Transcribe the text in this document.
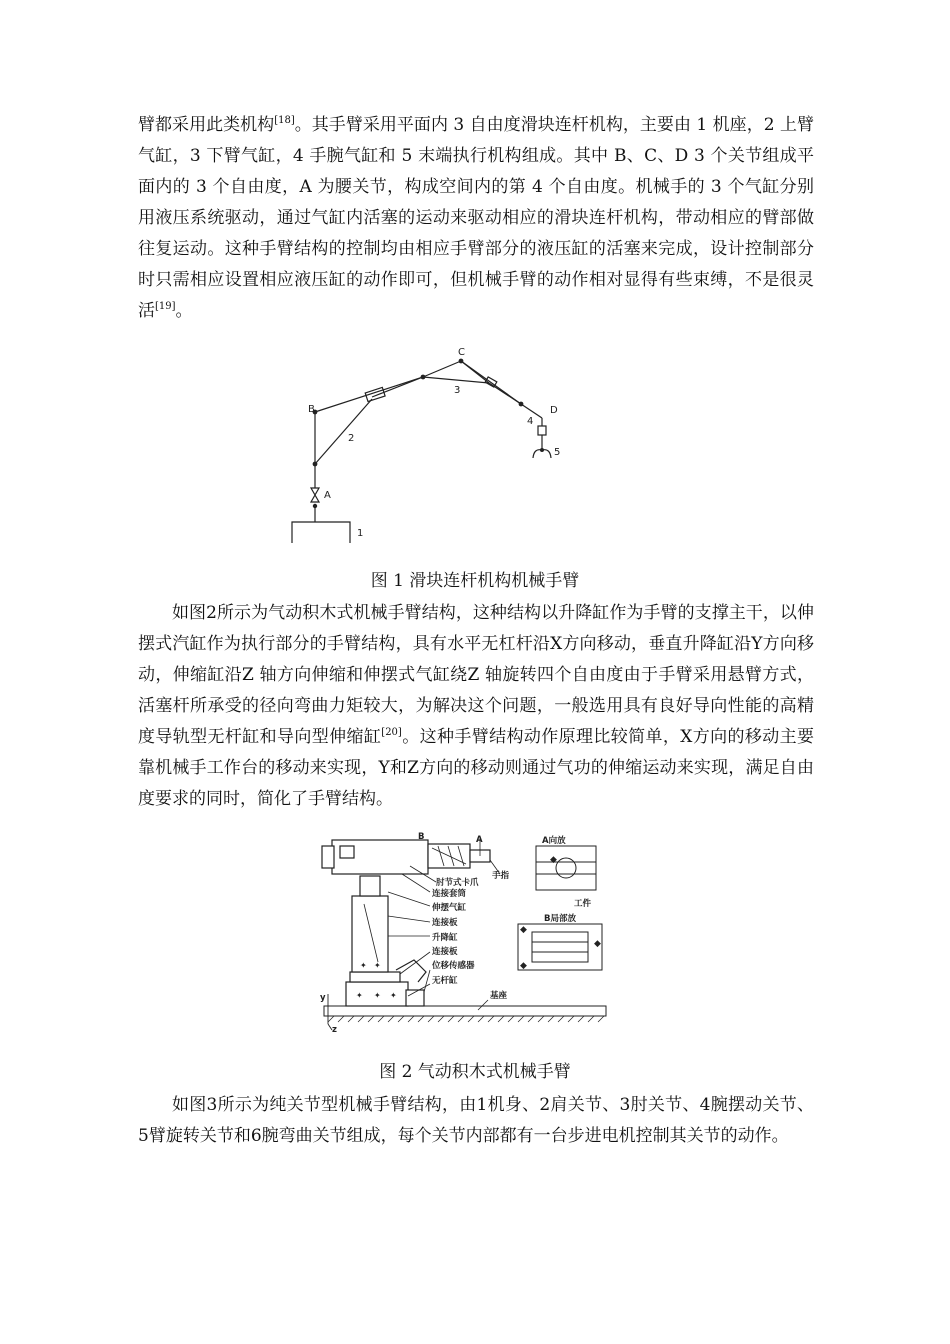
臂都采用此类机构[18]。其手臂采用平面内 3 自由度滑块连杆机构，主要由 1 机座，2 上臂气缸，3 下臂气缸，4 手腕气缸和 5 末端执行机构组成。其中 B、C、D 3 个关节组成平面内的 3 个自由度，A 为腰关节，构成空间内的第 4 个自由度。机械手的 3 个气缸分别用液压系统驱动，通过气缸内活塞的运动来驱动相应的滑块连杆机构，带动相应的臂部做往复运动。这种手臂结构的控制均由相应手臂部分的液压缸的活塞来完成，设计控制部分时只需相应设置相应液压缸的动作即可，但机械手臂的动作相对显得有些束缚，不是很灵活[19]。

A
B
C
D
1
2
3
4
5
图 1 滑块连杆机构机械手臂

如图2所示为气动积木式机械手臂结构，这种结构以升降缸作为手臂的支撑主干，以伸摆式汽缸作为执行部分的手臂结构，具有水平无杠杆沿X方向移动，垂直升降缸沿Y方向移动，伸缩缸沿Z 轴方向伸缩和伸摆式气缸绕Z 轴旋转四个自由度由于手臂采用悬臂方式，活塞杆所承受的径向弯曲力矩较大，为解决这个问题，一般选用具有良好导向性能的高精度导轨型无杆缸和导向型伸缩缸[20]。这种手臂结构动作原理比较简单，X方向的移动主要靠机械手工作台的移动来实现，Y和Z方向的移动则通过气功的伸缩运动来实现，满足自由度要求的同时，简化了手臂结构。

✦ ✦
✦ ✦ ✦
◆
◆
◆
◆
肘节式卡爪
手指
连接套筒
伸摆气缸
连接板
升降缸
连接板
位移传感器
无杆缸
基座
A向放
工件
B局部放
A
B
y
z
图 2 气动积木式机械手臂

如图3所示为纯关节型机械手臂结构，由1机身、2肩关节、3肘关节、4腕摆动关节、5臂旋转关节和6腕弯曲关节组成，每个关节内部都有一台步进电机控制其关节的动作。
